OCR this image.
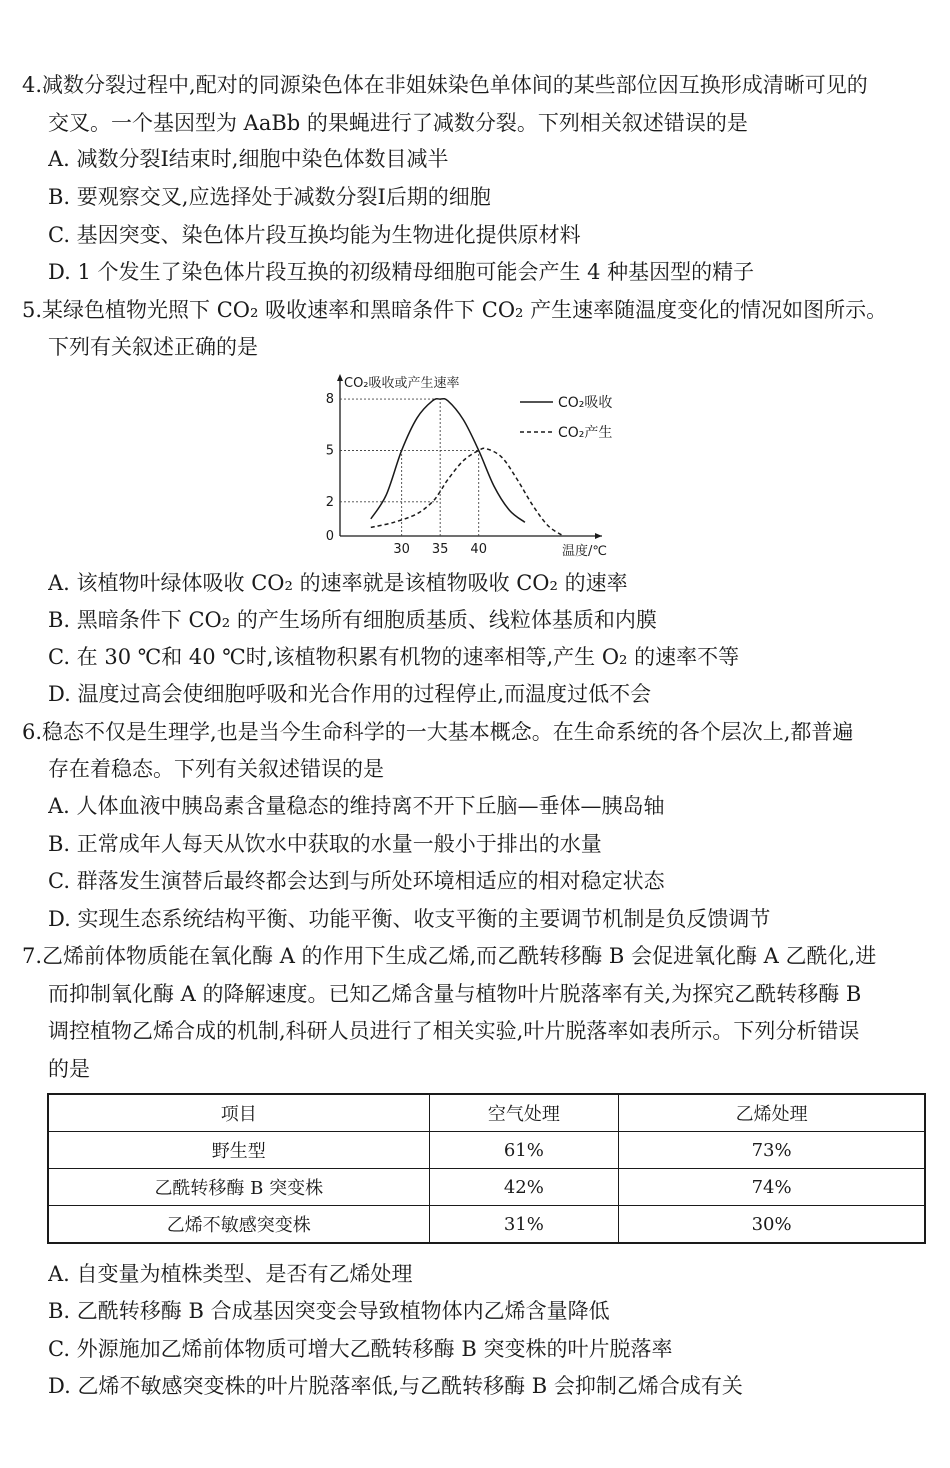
4.减数分裂过程中,配对的同源染色体在非姐妹染色单体间的某些部位因互换形成清晰可见的
交叉。一个基因型为 AaBb 的果蝇进行了减数分裂。下列相关叙述错误的是
A. 减数分裂Ⅰ结束时,细胞中染色体数目减半
B. 要观察交叉,应选择处于减数分裂Ⅰ后期的细胞
C. 基因突变、染色体片段互换均能为生物进化提供原材料
D. 1 个发生了染色体片段互换的初级精母细胞可能会产生 4 种基因型的精子
5.某绿色植物光照下 CO₂ 吸收速率和黑暗条件下 CO₂ 产生速率随温度变化的情况如图所示。
下列有关叙述正确的是
CO₂吸收或产生速率
温度/℃
0
2
5
8
30 35 40
CO₂吸收
CO₂产生
A. 该植物叶绿体吸收 CO₂ 的速率就是该植物吸收 CO₂ 的速率
B. 黑暗条件下 CO₂ 的产生场所有细胞质基质、线粒体基质和内膜
C. 在 30 ℃和 40 ℃时,该植物积累有机物的速率相等,产生 O₂ 的速率不等
D. 温度过高会使细胞呼吸和光合作用的过程停止,而温度过低不会
6.稳态不仅是生理学,也是当今生命科学的一大基本概念。在生命系统的各个层次上,都普遍
存在着稳态。下列有关叙述错误的是
A. 人体血液中胰岛素含量稳态的维持离不开下丘脑—垂体—胰岛轴
B. 正常成年人每天从饮水中获取的水量一般小于排出的水量
C. 群落发生演替后最终都会达到与所处环境相适应的相对稳定状态
D. 实现生态系统结构平衡、功能平衡、收支平衡的主要调节机制是负反馈调节
7.乙烯前体物质能在氧化酶 A 的作用下生成乙烯,而乙酰转移酶 B 会促进氧化酶 A 乙酰化,进
而抑制氧化酶 A 的降解速度。已知乙烯含量与植物叶片脱落率有关,为探究乙酰转移酶 B
调控植物乙烯合成的机制,科研人员进行了相关实验,叶片脱落率如表所示。下列分析错误
的是
项目	空气处理	乙烯处理
野生型	61%	73%
乙酰转移酶 B 突变株	42%	74%
乙烯不敏感突变株	31%	30%
A. 自变量为植株类型、是否有乙烯处理
B. 乙酰转移酶 B 合成基因突变会导致植物体内乙烯含量降低
C. 外源施加乙烯前体物质可增大乙酰转移酶 B 突变株的叶片脱落率
D. 乙烯不敏感突变株的叶片脱落率低,与乙酰转移酶 B 会抑制乙烯合成有关
